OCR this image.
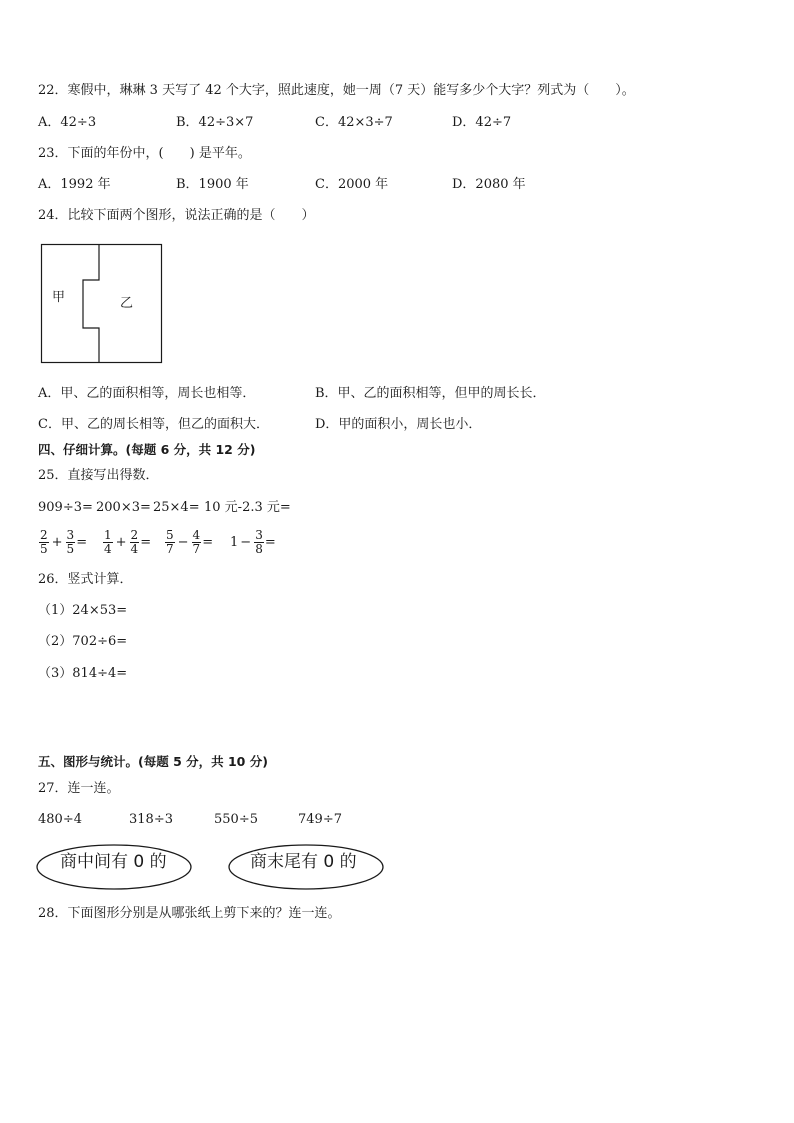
22．寒假中，琳琳 3 天写了 42 个大字，照此速度，她一周（7 天）能写多少个大字？列式为（　　）。
A．42÷3	B．42÷3×7	C．42×3÷7	D．42÷7
23．下面的年份中，(　　) 是平年。
A．1992 年	B．1900 年	C．2000 年	D．2080 年
24．比较下面两个图形，说法正确的是（　　）
甲	乙
A．甲、乙的面积相等，周长也相等．	B．甲、乙的面积相等，但甲的周长长．
C．甲、乙的周长相等，但乙的面积大．	D．甲的面积小，周长也小．
四、仔细计算。(每题 6 分，共 12 分)
25．直接写出得数．
909÷3= 200×3= 25×4= 10 元-2.3 元=
$\frac{2}{5} + \frac{3}{5} = \frac{1}{4} + \frac{2}{4} = \frac{5}{7} - \frac{4}{7} = 1 - \frac{3}{8}$ =
26．竖式计算．
（1）24×53=
（2）702÷6=
（3）814÷4=
五、图形与统计。(每题 5 分，共 10 分)
27．连一连。
480÷4	318÷3	550÷5	749÷7
商中间有 0 的	商末尾有 0 的
28．下面图形分别是从哪张纸上剪下来的？连一连。
